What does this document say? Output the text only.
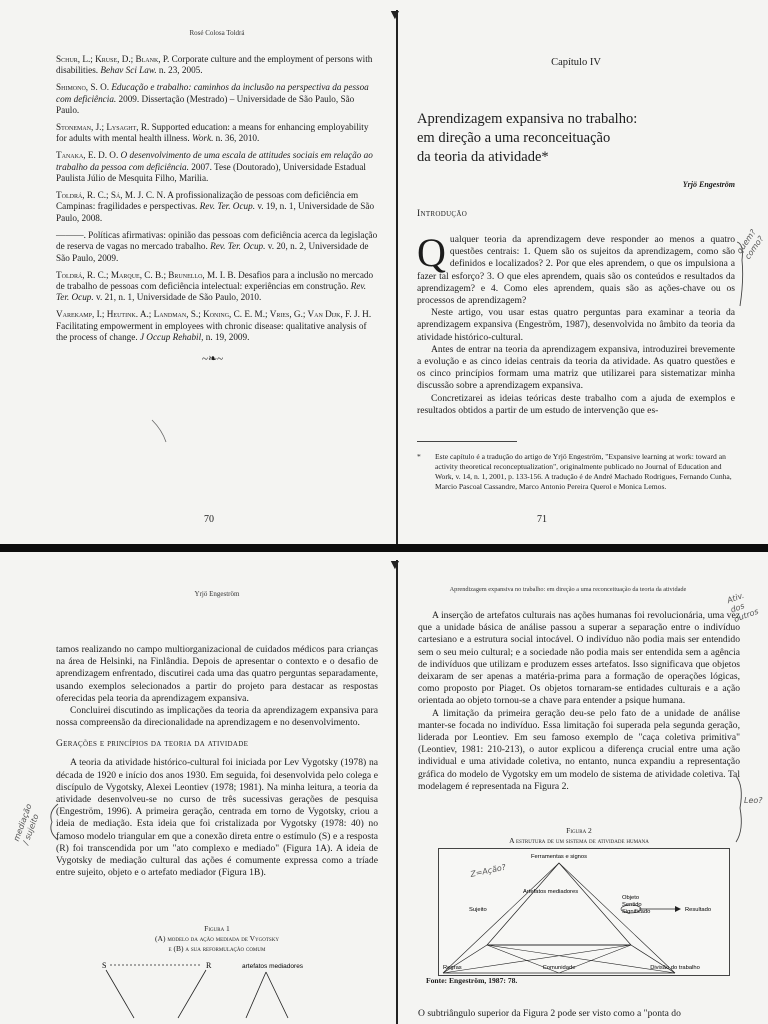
Rosé Colosa Toldrá

Schur, L.; Kruse, D.; Blank, P. Corporate culture and the employment of persons with disabilities. Behav Sci Law. n. 23, 2005.

Shimono, S. O. Educação e trabalho: caminhos da inclusão na perspectiva da pessoa com deficiência. 2009. Dissertação (Mestrado) – Universidade de São Paulo, São Paulo.

Stoneman, J.; Lysaght, R. Supported education: a means for enhancing employability for adults with mental health illness. Work. n. 36, 2010.

Tanaka, E. D. O. O desenvolvimento de uma escala de attitudes sociais em relação ao trabalho da pessoa com deficiência. 2007. Tese (Doutorado), Universidade Estadual Paulista Júlio de Mesquita Filho, Marilia.

Toldrá, R. C.; Sá, M. J. C. N. A profissionalização de pessoas com deficiência em Campinas: fragilidades e perspectivas. Rev. Ter. Ocup. v. 19, n. 1, Universidade de São Paulo, 2008.

———. Políticas afirmativas: opinião das pessoas com deficiência acerca da legislação de reserva de vagas no mercado trabalho. Rev. Ter. Ocup. v. 20, n. 2, Universidade de São Paulo, 2009.

Toldrá, R. C.; Marque, C. B.; Brunello, M. I. B. Desafios para a inclusão no mercado de trabalho de pessoas com deficiência intelectual: experiências em construção. Rev. Ter. Ocup. v. 21, n. 1, Universidade de São Paulo, 2010.

Varekamp, I.; Heutink. A.; Landman, S.; Koning, C. E. M.; Vries, G.; Van Dijk, F. J. H. Facilitating empowerment in employees with chronic disease: qualitative analysis of the process of change. J Occup Rehabil, n. 19, 2009.

~❧~
70
▼
Capítulo IV
Aprendizagem expansiva no trabalho:
em direção a uma reconceituação
da teoria da atividade*
Yrjö Engeström
Introdução

Qualquer teoria da aprendizagem deve responder ao menos a quatro questões centrais: 1. Quem são os sujeitos da aprendizagem, como são definidos e localizados? 2. Por que eles aprendem, o que os impulsiona a fazer tal esforço? 3. O que eles aprendem, quais são os conteúdos e resultados da aprendizagem? e 4. Como eles aprendem, quais são as ações-chave ou os processos de aprendizagem?

Neste artigo, vou usar estas quatro perguntas para examinar a teoria da aprendizagem expansiva (Engeström, 1987), desenvolvida no âmbito da teoria da atividade histórico-cultural.

Antes de entrar na teoria da aprendizagem expansiva, introduzirei brevemente a evolução e as cinco ideias centrais da teoria da atividade. As quatro questões e os cinco princípios formam uma matriz que utilizarei para sistematizar minha discussão sobre a aprendizagem expansiva.

Concretizarei as ideias teóricas deste trabalho com a ajuda de exemplos e resultados obtidos a partir de um estudo de intervenção que es-

* Este capítulo é a tradução do artigo de Yrjö Engeström, "Expansive learning at work: toward an activity theoretical reconceptualization", originalmente publicado no Journal of Education and Work, v. 14, n. 1, 2001, p. 133-156. A tradução é de André Machado Rodrigues, Fernando Cunha, Marcio Pascoal Cassandre, Marco Antonio Pereira Querol e Monica Lemos.
71
quem? como?
Yrjö Engeström

tamos realizando no campo multiorganizacional de cuidados médicos para crianças na área de Helsinki, na Finlândia. Depois de apresentar o contexto e o desafio de aprendizagem enfrentado, discutirei cada uma das quatro perguntas separadamente, usando exemplos selecionados a partir do projeto para destacar as respostas oferecidas pela teoria da aprendizagem expansiva.

Concluirei discutindo as implicações da teoria da aprendizagem expansiva para nossa compreensão da direcionalidade na aprendizagem e no desenvolvimento.

Gerações e princípios da teoria da atividade

A teoria da atividade histórico-cultural foi iniciada por Lev Vygotsky (1978) na década de 1920 e início dos anos 1930. Em seguida, foi desenvolvida pelo colega e discípulo de Vygotsky, Alexei Leontiev (1978; 1981). Na minha leitura, a teoria da atividade desenvolveu-se no curso de três sucessivas gerações de pesquisa (Engeström, 1996). A primeira geração, centrada em torno de Vygotsky, criou a ideia de mediação. Esta ideia que foi cristalizada por Vygotsky (1978: 40) no famoso modelo triangular em que a conexão direta entre o estímulo (S) e a resposta (R) foi transcendida por um "ato complexo e mediado" (Figura 1A). A ideia de Vygotsky de mediação cultural das ações é comumente expressa como a tríade entre sujeito, objeto e o artefato mediador (Figura 1B).

Figura 1
(A) modelo da ação mediada de Vygotsky
e (B) a sua reformulação comum
S	R	artefatos mediadores
mediação / sujeito
▼
Aprendizagem expansiva no trabalho: em direção a uma reconceituação da teoria da atividade

A inserção de artefatos culturais nas ações humanas foi revolucionária, uma vez que a unidade básica de análise passou a superar a separação entre o indivíduo cartesiano e a estrutura social intocável. O indivíduo não podia mais ser entendido sem o seu meio cultural; e a sociedade não podia mais ser entendida sem a agência de indivíduos que utilizam e produzem esses artefatos. Isso significava que objetos deixaram de ser apenas a matéria-prima para a formação de operações lógicas, como proposto por Piaget. Os objetos tornaram-se entidades culturais e a ação orientada ao objeto tornou-se a chave para entender a psique humana.

A limitação da primeira geração deu-se pelo fato de a unidade de análise manter-se focada no indivíduo. Essa limitação foi superada pela segunda geração, liderada por Leontiev. Em seu famoso exemplo de "caça coletiva primitiva" (Leontiev, 1981: 210-213), o autor explicou a diferença crucial entre uma ação individual e uma atividade coletiva, no entanto, nunca expandiu a representação gráfica do modelo de Vygotsky em um modelo de sistema de atividade coletiva. Tal modelagem é representada na Figura 2.

Figura 2
A estrutura de um sistema de atividade humana
Ferramentas e signos
Artefatos mediadores
Sujeito
Objeto
Sentido
Significado	Resultado
Regras	Comunidade	Divisão do trabalho
Z=Ação?
Fonte: Engeström, 1987: 78.

O subtriângulo superior da Figura 2 pode ser visto como a "ponta do

Ativ. dos outros
Leo?
